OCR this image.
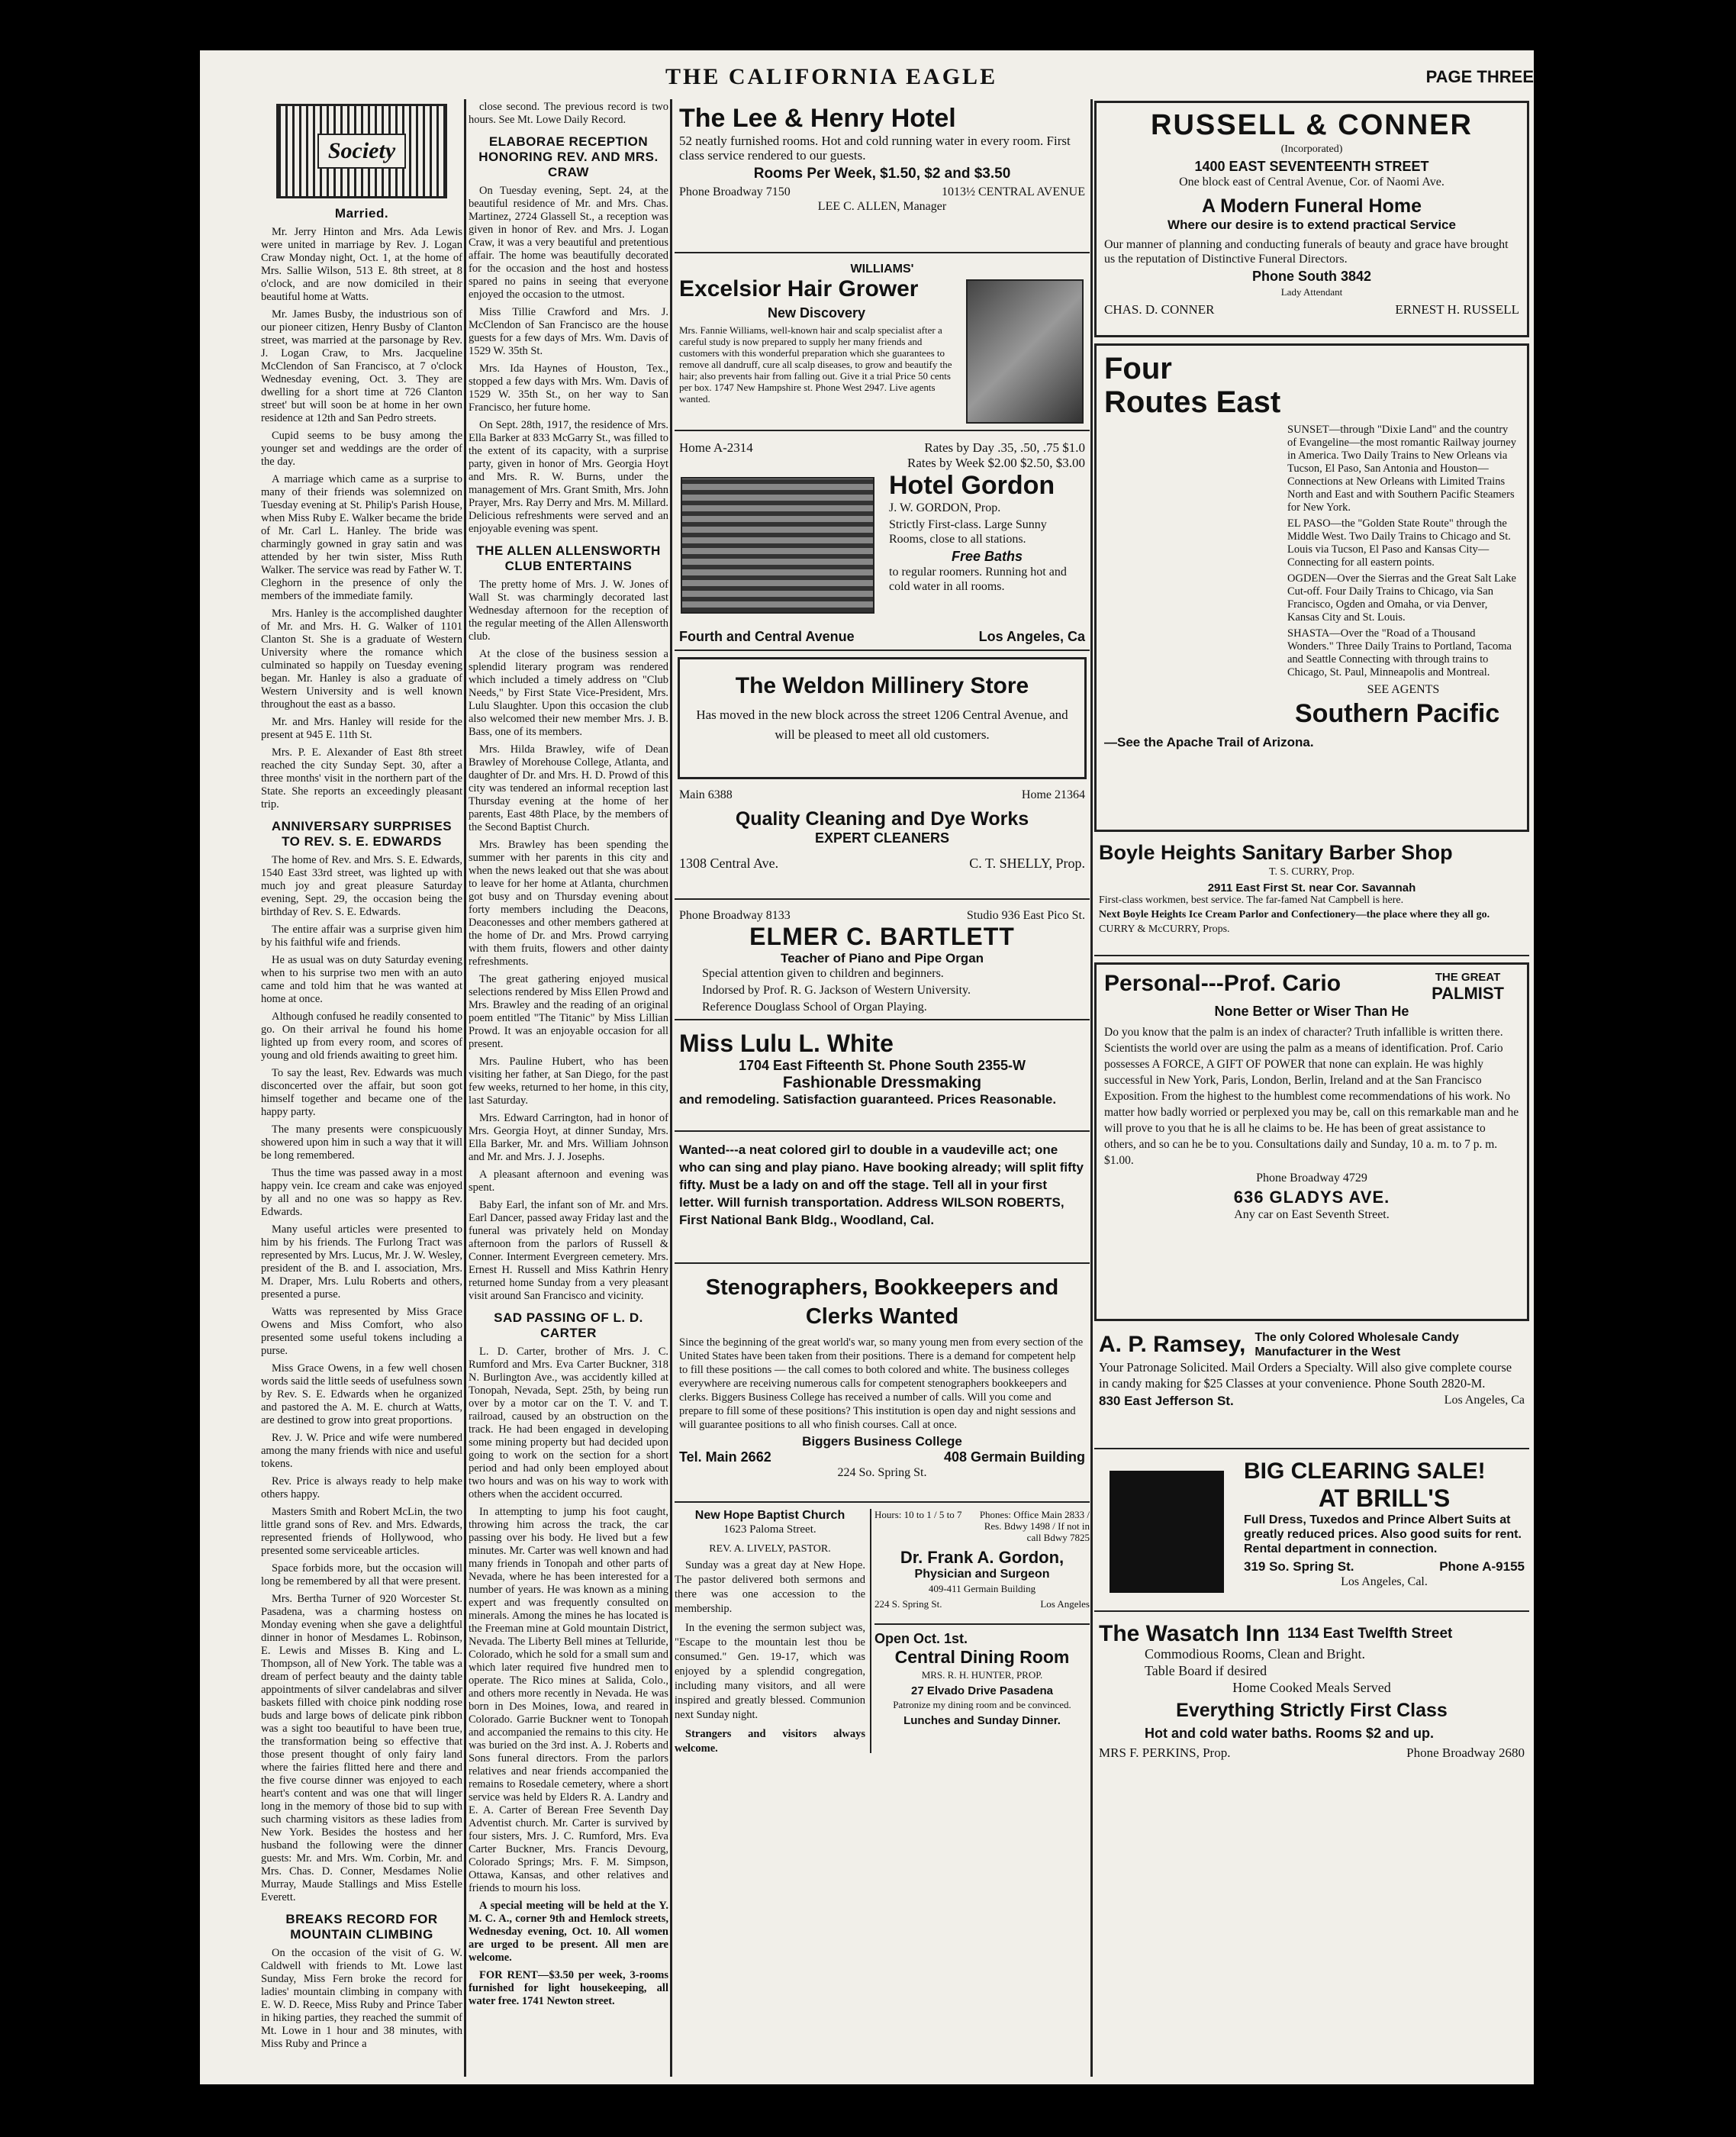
THE CALIFORNIA EAGLE	PAGE THREE
Society
Married.

Mr. Jerry Hinton and Mrs. Ada Lewis were united in marriage by Rev. J. Logan Craw Monday night, Oct. 1, at the home of Mrs. Sallie Wilson, 513 E. 8th street, at 8 o'clock, and are now domiciled in their beautiful home at Watts.

Mr. James Busby, the industrious son of our pioneer citizen, Henry Busby of Clanton street, was married at the parsonage by Rev. J. Logan Craw, to Mrs. Jacqueline McClendon of San Francisco, at 7 o'clock Wednesday evening, Oct. 3. They are dwelling for a short time at 726 Clanton street' but will soon be at home in her own residence at 12th and San Pedro streets.

Cupid seems to be busy among the younger set and weddings are the order of the day.

A marriage which came as a surprise to many of their friends was solemnized on Tuesday evening at St. Philip's Parish House, when Miss Ruby E. Walker became the bride of Mr. Carl L. Hanley. The bride was charmingly gowned in gray satin and was attended by her twin sister, Miss Ruth Walker. The service was read by Father W. T. Cleghorn in the presence of only the members of the immediate family.

Mrs. Hanley is the accomplished daughter of Mr. and Mrs. H. G. Walker of 1101 Clanton St. She is a graduate of Western University where the romance which culminated so happily on Tuesday evening began. Mr. Hanley is also a graduate of Western University and is well known throughout the east as a basso.

Mr. and Mrs. Hanley will reside for the present at 945 E. 11th St.

Mrs. P. E. Alexander of East 8th street reached the city Sunday Sept. 30, after a three months' visit in the northern part of the State. She reports an exceedingly pleasant trip.

ANNIVERSARY SURPRISES TO REV. S. E. EDWARDS

The home of Rev. and Mrs. S. E. Edwards, 1540 East 33rd street, was lighted up with much joy and great pleasure Saturday evening, Sept. 29, the occasion being the birthday of Rev. S. E. Edwards.

The entire affair was a surprise given him by his faithful wife and friends.

He as usual was on duty Saturday evening when to his surprise two men with an auto came and told him that he was wanted at home at once.

Although confused he readily consented to go. On their arrival he found his home lighted up from every room, and scores of young and old friends awaiting to greet him.

To say the least, Rev. Edwards was much disconcerted over the affair, but soon got himself together and became one of the happy party.

The many presents were conspicuously showered upon him in such a way that it will be long remembered.

Thus the time was passed away in a most happy vein. Ice cream and cake was enjoyed by all and no one was so happy as Rev. Edwards.

Many useful articles were presented to him by his friends. The Furlong Tract was represented by Mrs. Lucus, Mr. J. W. Wesley, president of the B. and I. association, Mrs. M. Draper, Mrs. Lulu Roberts and others, presented a purse.

Watts was represented by Miss Grace Owens and Miss Comfort, who also presented some useful tokens including a purse.

Miss Grace Owens, in a few well chosen words said the little seeds of usefulness sown by Rev. S. E. Edwards when he organized and pastored the A. M. E. church at Watts, are destined to grow into great proportions.

Rev. J. W. Price and wife were numbered among the many friends with nice and useful tokens.

Rev. Price is always ready to help make others happy.

Masters Smith and Robert McLin, the two little grand sons of Rev. and Mrs. Edwards, represented friends of Hollywood, who presented some serviceable articles.

Space forbids more, but the occasion will long be remembered by all that were present.

Mrs. Bertha Turner of 920 Worcester St. Pasadena, was a charming hostess on Monday evening when she gave a delightful dinner in honor of Mesdames L. Robinson, E. Lewis and Misses B. King and L. Thompson, all of New York. The table was a dream of perfect beauty and the dainty table appointments of silver candelabras and silver baskets filled with choice pink nodding rose buds and large bows of delicate pink ribbon was a sight too beautiful to have been true, the transformation being so effective that those present thought of only fairy land where the fairies flitted here and there and the five course dinner was enjoyed to each heart's content and was one that will linger long in the memory of those bid to sup with such charming visitors as these ladies from New York. Besides the hostess and her husband the following were the dinner guests: Mr. and Mrs. Wm. Corbin, Mr. and Mrs. Chas. D. Conner, Mesdames Nolie Murray, Maude Stallings and Miss Estelle Everett.

BREAKS RECORD FOR MOUNTAIN CLIMBING

On the occasion of the visit of G. W. Caldwell with friends to Mt. Lowe last Sunday, Miss Fern broke the record for ladies' mountain climbing in company with E. W. D. Reece, Miss Ruby and Prince Taber in hiking parties, they reached the summit of Mt. Lowe in 1 hour and 38 minutes, with Miss Ruby and Prince a

close second. The previous record is two hours. See Mt. Lowe Daily Record.

ELABORAE RECEPTION HONORING REV. AND MRS. CRAW

On Tuesday evening, Sept. 24, at the beautiful residence of Mr. and Mrs. Chas. Martinez, 2724 Glassell St., a reception was given in honor of Rev. and Mrs. J. Logan Craw, it was a very beautiful and pretentious affair. The home was beautifully decorated for the occasion and the host and hostess spared no pains in seeing that everyone enjoyed the occasion to the utmost.

Miss Tillie Crawford and Mrs. J. McClendon of San Francisco are the house guests for a few days of Mrs. Wm. Davis of 1529 W. 35th St.

Mrs. Ida Haynes of Houston, Tex., stopped a few days with Mrs. Wm. Davis of 1529 W. 35th St., on her way to San Francisco, her future home.

On Sept. 28th, 1917, the residence of Mrs. Ella Barker at 833 McGarry St., was filled to the extent of its capacity, with a surprise party, given in honor of Mrs. Georgia Hoyt and Mrs. R. W. Burns, under the management of Mrs. Grant Smith, Mrs. John Prayer, Mrs. Ray Derry and Mrs. M. Millard. Delicious refreshments were served and an enjoyable evening was spent.

THE ALLEN ALLENSWORTH CLUB ENTERTAINS

The pretty home of Mrs. J. W. Jones of Wall St. was charmingly decorated last Wednesday afternoon for the reception of the regular meeting of the Allen Allensworth club.

At the close of the business session a splendid literary program was rendered which included a timely address on "Club Needs," by First State Vice-President, Mrs. Lulu Slaughter. Upon this occasion the club also welcomed their new member Mrs. J. B. Bass, one of its members.

Mrs. Hilda Brawley, wife of Dean Brawley of Morehouse College, Atlanta, and daughter of Dr. and Mrs. H. D. Prowd of this city was tendered an informal reception last Thursday evening at the home of her parents, East 48th Place, by the members of the Second Baptist Church.

Mrs. Brawley has been spending the summer with her parents in this city and when the news leaked out that she was about to leave for her home at Atlanta, churchmen got busy and on Thursday evening about forty members including the Deacons, Deaconesses and other members gathered at the home of Dr. and Mrs. Prowd carrying with them fruits, flowers and other dainty refreshments.

The great gathering enjoyed musical selections rendered by Miss Ellen Prowd and Mrs. Brawley and the reading of an original poem entitled "The Titanic" by Miss Lillian Prowd. It was an enjoyable occasion for all present.

Mrs. Pauline Hubert, who has been visiting her father, at San Diego, for the past few weeks, returned to her home, in this city, last Saturday.

Mrs. Edward Carrington, had in honor of Mrs. Georgia Hoyt, at dinner Sunday, Mrs. Ella Barker, Mr. and Mrs. William Johnson and Mr. and Mrs. J. J. Josephs.

A pleasant afternoon and evening was spent.

Baby Earl, the infant son of Mr. and Mrs. Earl Dancer, passed away Friday last and the funeral was privately held on Monday afternoon from the parlors of Russell & Conner. Interment Evergreen cemetery. Mrs. Ernest H. Russell and Miss Kathrin Henry returned home Sunday from a very pleasant visit around San Francisco and vicinity.

SAD PASSING OF L. D. CARTER

L. D. Carter, brother of Mrs. J. C. Rumford and Mrs. Eva Carter Buckner, 318 N. Burlington Ave., was accidently killed at Tonopah, Nevada, Sept. 25th, by being run over by a motor car on the T. V. and T. railroad, caused by an obstruction on the track. He had been engaged in developing some mining property but had decided upon going to work on the section for a short period and had only been employed about two hours and was on his way to work with others when the accident occurred.

In attempting to jump his foot caught, throwing him across the track, the car passing over his body. He lived but a few minutes. Mr. Carter was well known and had many friends in Tonopah and other parts of Nevada, where he has been interested for a number of years. He was known as a mining expert and was frequently consulted on minerals. Among the mines he has located is the Freeman mine at Gold mountain District, Nevada. The Liberty Bell mines at Telluride, Colorado, which he sold for a small sum and which later required five hundred men to operate. The Rico mines at Salida, Colo., and others more recently in Nevada. He was born in Des Moines, Iowa, and reared in Colorado. Garrie Buckner went to Tonopah and accompanied the remains to this city. He was buried on the 3rd inst. A. J. Roberts and Sons funeral directors. From the parlors relatives and near friends accompanied the remains to Rosedale cemetery, where a short service was held by Elders R. A. Landry and E. A. Carter of Berean Free Seventh Day Adventist church. Mr. Carter is survived by four sisters, Mrs. J. C. Rumford, Mrs. Eva Carter Buckner, Mrs. Francis Devourg, Colorado Springs; Mrs. F. M. Simpson, Ottawa, Kansas, and other relatives and friends to mourn his loss.

A special meeting will be held at the Y. M. C. A., corner 9th and Hemlock streets, Wednesday evening, Oct. 10. All women are urged to be present. All men are welcome.

FOR RENT—$3.50 per week, 3-rooms furnished for light housekeeping, all water free. 1741 Newton street.

The Lee & Henry Hotel
52 neatly furnished rooms. Hot and cold running water in every room. First class service rendered to our guests.
Rooms Per Week, $1.50, $2 and $3.50
Phone Broadway 7150	1013½ CENTRAL AVENUE
LEE C. ALLEN, Manager
WILLIAMS'
Excelsior Hair Grower
New Discovery
Mrs. Fannie Williams, well-known hair and scalp specialist after a careful study is now prepared to supply her many friends and customers with this wonderful preparation which she guarantees to remove all dandruff, cure all scalp diseases, to grow and beautify the hair; also prevents hair from falling out. Give it a trial Price 50 cents per box. 1747 New Hampshire st. Phone West 2947. Live agents wanted.
Home A-2314	Rates by Day .35, .50, .75 $1.0
Rates by Week $2.00 $2.50, $3.00
Hotel Gordon
J. W. GORDON, Prop.
Strictly First-class. Large Sunny Rooms, close to all stations.
Free Baths
to regular roomers. Running hot and cold water in all rooms.
Fourth and Central Avenue	Los Angeles, Ca
The Weldon Millinery Store
Has moved in the new block across the street 1206 Central Avenue, and will be pleased to meet all old customers.
Main 6388	Home 21364
Quality Cleaning and Dye Works
EXPERT CLEANERS
1308 Central Ave.	C. T. SHELLY, Prop.
Phone Broadway 8133	Studio 936 East Pico St.
ELMER C. BARTLETT
Teacher of Piano and Pipe Organ
Special attention given to children and beginners.
Indorsed by Prof. R. G. Jackson of Western University.
Reference Douglass School of Organ Playing.
Miss Lulu L. White
1704 East Fifteenth St. Phone South 2355-W
Fashionable Dressmaking
and remodeling. Satisfaction guaranteed. Prices Reasonable.
Wanted---a neat colored girl to double in a vaudeville act; one who can sing and play piano. Have booking already; will split fifty fifty. Must be a lady on and off the stage. Tell all in your first letter. Will furnish transportation. Address WILSON ROBERTS, First National Bank Bldg., Woodland, Cal.
Stenographers, Bookkeepers and Clerks Wanted
Since the beginning of the great world's war, so many young men from every section of the United States have been taken from their positions. There is a demand for competent help to fill these positions — the call comes to both colored and white. The business colleges everywhere are receiving numerous calls for competent stenographers bookkeepers and clerks. Biggers Business College has received a number of calls. Will you come and prepare to fill some of these positions? This institution is open day and night sessions and will guarantee positions to all who finish courses. Call at once.
Biggers Business College
Tel. Main 2662	408 Germain Building
224 So. Spring St.
New Hope Baptist Church
1623 Paloma Street.
REV. A. LIVELY, PASTOR.

Sunday was a great day at New Hope. The pastor delivered both sermons and there was one accession to the membership.

In the evening the sermon subject was, "Escape to the mountain lest thou be consumed." Gen. 19-17, which was enjoyed by a splendid congregation, including many visitors, and all were inspired and greatly blessed. Communion next Sunday night.

Strangers and visitors always welcome.

Hours: 10 to 1 / 5 to 7	Phones: Office Main 2833 / Res. Bdwy 1498 / If not in call Bdwy 7825
Dr. Frank A. Gordon,
Physician and Surgeon
409-411 Germain Building
224 S. Spring St.	Los Angeles
Open Oct. 1st.
Central Dining Room
MRS. R. H. HUNTER, PROP.
27 Elvado Drive Pasadena
Patronize my dining room and be convinced.
Lunches and Sunday Dinner.
RUSSELL & CONNER
(Incorporated)
1400 EAST SEVENTEENTH STREET
One block east of Central Avenue, Cor. of Naomi Ave.
A Modern Funeral Home
Where our desire is to extend practical Service
Our manner of planning and conducting funerals of beauty and grace have brought us the reputation of Distinctive Funeral Directors.
Phone South 3842
Lady Attendant
CHAS. D. CONNER	ERNEST H. RUSSELL
Four
Routes East
SUNSET—through "Dixie Land" and the country of Evangeline—the most romantic Railway journey in America. Two Daily Trains to New Orleans via Tucson, El Paso, San Antonia and Houston—Connections at New Orleans with Limited Trains North and East and with Southern Pacific Steamers for New York.
EL PASO—the "Golden State Route" through the Middle West. Two Daily Trains to Chicago and St. Louis via Tucson, El Paso and Kansas City—Connecting for all eastern points.
OGDEN—Over the Sierras and the Great Salt Lake Cut-off. Four Daily Trains to Chicago, via San Francisco, Ogden and Omaha, or via Denver, Kansas City and St. Louis.
SHASTA—Over the "Road of a Thousand Wonders." Three Daily Trains to Portland, Tacoma and Seattle Connecting with through trains to Chicago, St. Paul, Minneapolis and Montreal.
SEE AGENTS
Southern Pacific
—See the Apache Trail of Arizona.
Boyle Heights Sanitary Barber Shop
T. S. CURRY, Prop.
2911 East First St. near Cor. Savannah
First-class workmen, best service. The far-famed Nat Campbell is here.
Next Boyle Heights Ice Cream Parlor and Confectionery—the place where they all go.
CURRY & McCURRY, Props.
Personal---Prof. Cario	THE GREAT
PALMIST
None Better or Wiser Than He
Do you know that the palm is an index of character? Truth infallible is written there. Scientists the world over are using the palm as a means of identification. Prof. Cario possesses A FORCE, A GIFT OF POWER that none can explain. He was highly successful in New York, Paris, London, Berlin, Ireland and at the San Francisco Exposition. From the highest to the humblest come recommendations of his work. No matter how badly worried or perplexed you may be, call on this remarkable man and he will prove to you that he is all he claims to be. He has been of great assistance to others, and so can he be to you. Consultations daily and Sunday, 10 a. m. to 7 p. m. $1.00.
Phone Broadway 4729
636 GLADYS AVE.
Any car on East Seventh Street.
A. P. Ramsey, The only Colored Wholesale Candy Manufacturer in the West
Your Patronage Solicited. Mail Orders a Specialty. Will also give complete course in candy making for $25 Classes at your convenience. Phone South 2820-M.
830 East Jefferson St.	Los Angeles, Ca
BIG CLEARING SALE!
AT BRILL'S
Full Dress, Tuxedos and Prince Albert Suits at greatly reduced prices. Also good suits for rent. Rental department in connection.
319 So. Spring St.	Phone A-9155
Los Angeles, Cal.
The Wasatch Inn 1134 East Twelfth Street
Commodious Rooms, Clean and Bright.
Table Board if desired
Home Cooked Meals Served
Everything Strictly First Class
Hot and cold water baths. Rooms $2 and up.
MRS F. PERKINS, Prop.	Phone Broadway 2680
